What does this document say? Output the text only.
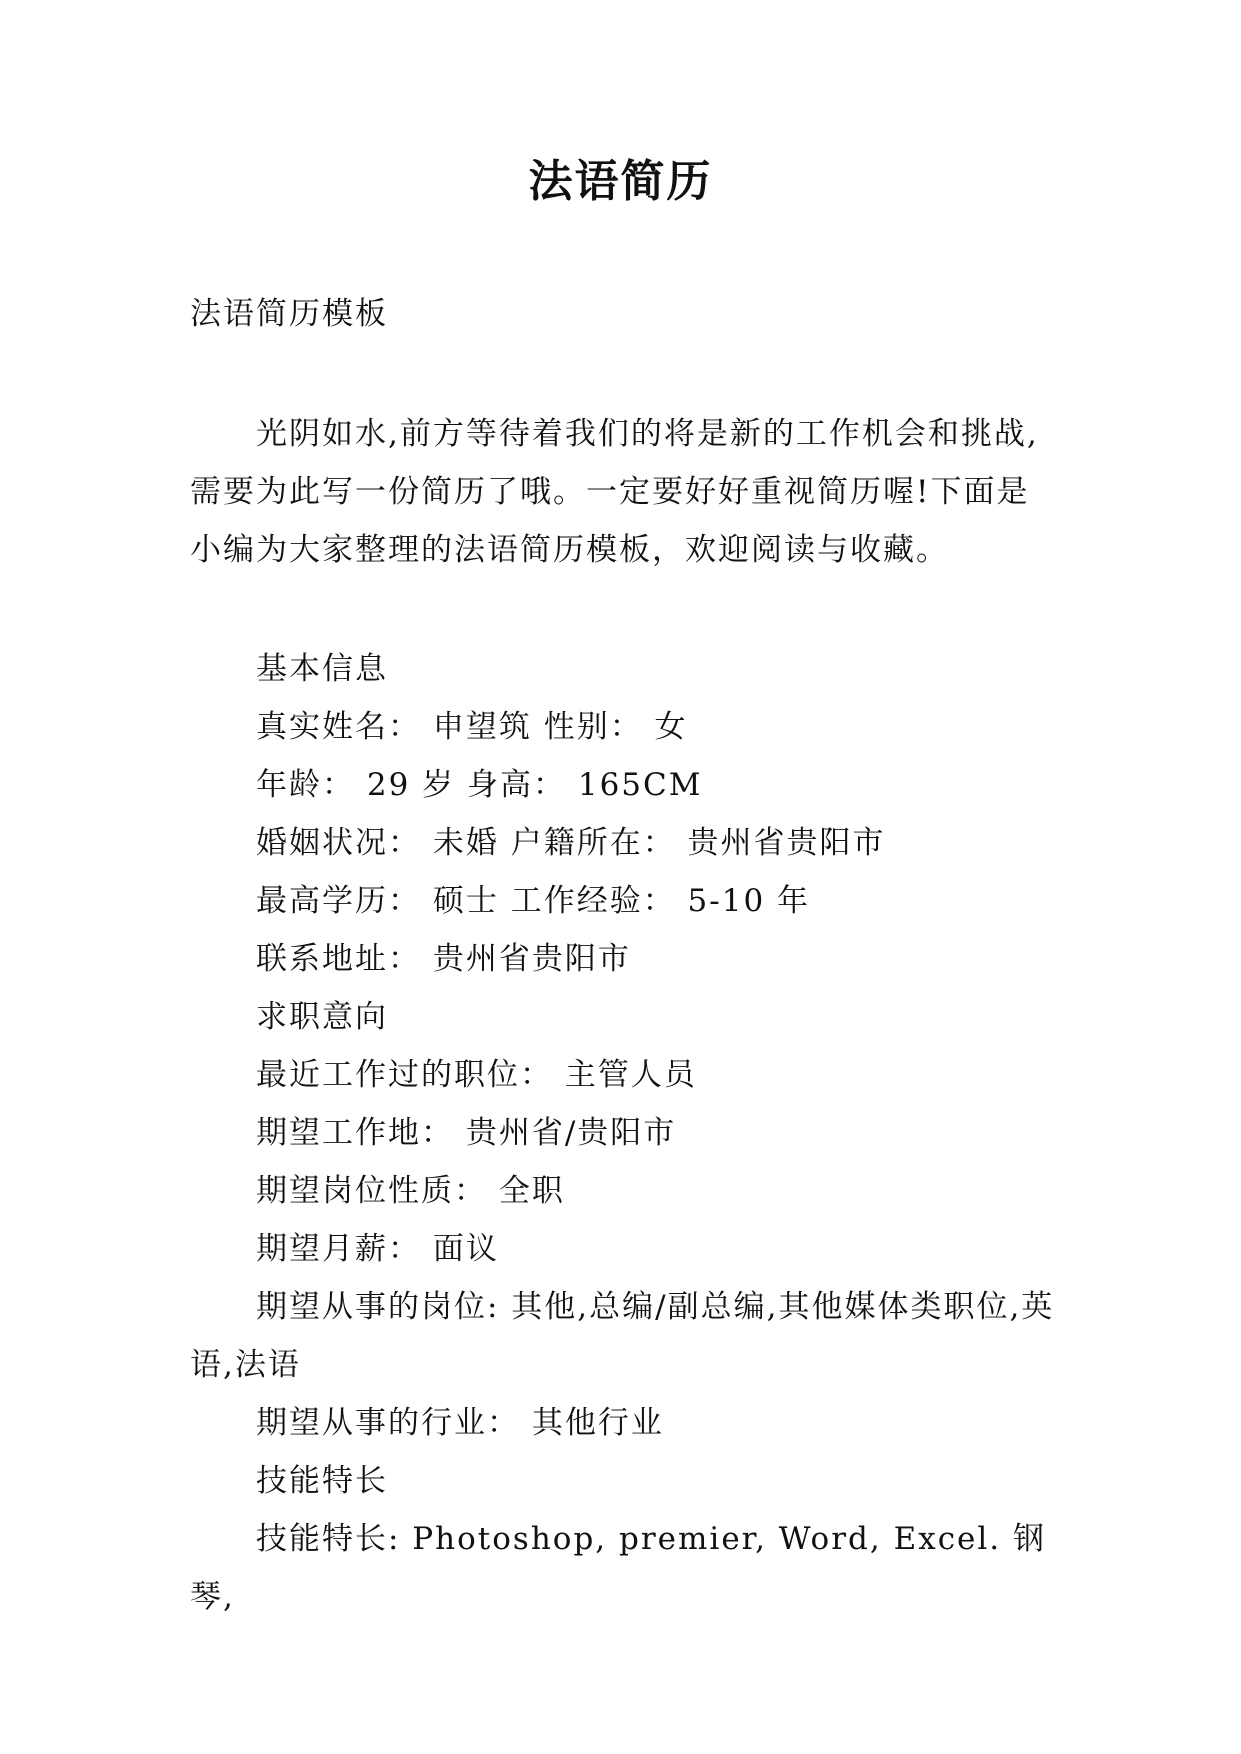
法语简历
法语简历模板

光阴如水,前方等待着我们的将是新的工作机会和挑战,需要为此写一份简历了哦。一定要好好重视简历喔!下面是小编为大家整理的法语简历模板，欢迎阅读与收藏。

基本信息
真实姓名： 申望筑 性别： 女
年龄： 29 岁 身高： 165CM
婚姻状况： 未婚 户籍所在： 贵州省贵阳市
最高学历： 硕士 工作经验： 5-10 年
联系地址： 贵州省贵阳市
求职意向
最近工作过的职位： 主管人员
期望工作地： 贵州省/贵阳市
期望岗位性质： 全职
期望月薪： 面议
期望从事的岗位: 其他,总编/副总编,其他媒体类职位,英语,法语
期望从事的行业： 其他行业
技能特长
技能特长: Photoshop, premier, Word, Excel. 钢琴,
